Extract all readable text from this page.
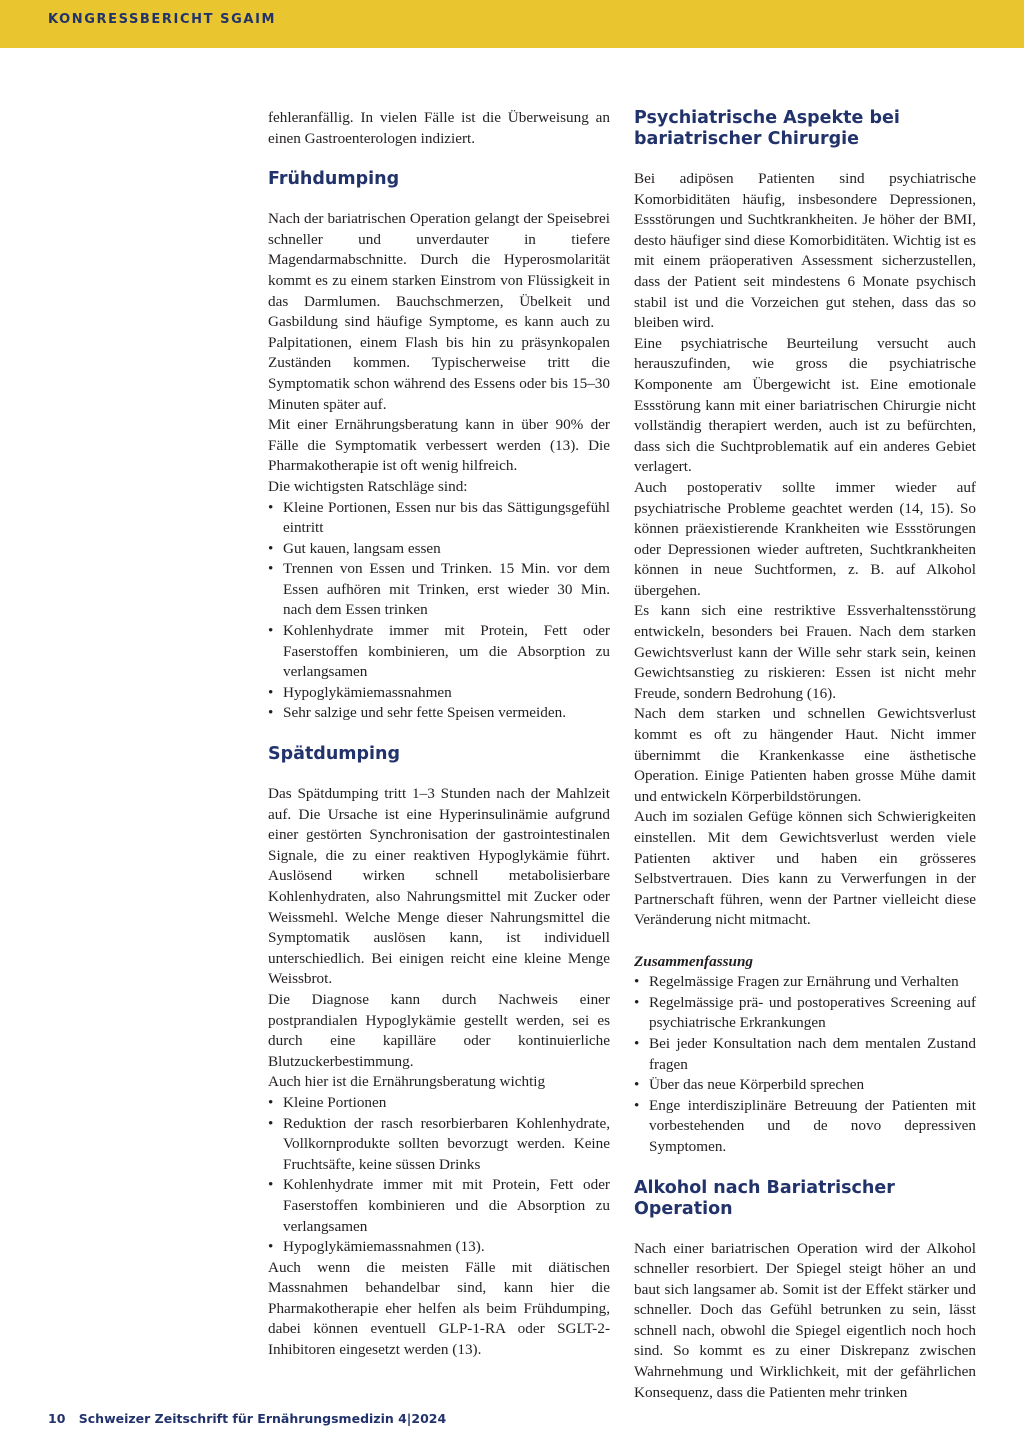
KONGRESSBERICHT SGAIM

fehleranfällig. In vielen Fälle ist die Überweisung an einen Gastroenterologen indiziert.

Frühdumping

Nach der bariatrischen Operation gelangt der Speisebrei schneller und unverdauter in tiefere Magendarmabschnitte. Durch die Hyperosmolarität kommt es zu einem starken Einstrom von Flüssigkeit in das Darmlumen. Bauchschmerzen, Übelkeit und Gasbildung sind häufige Symptome, es kann auch zu Palpitationen, einem Flash bis hin zu präsynkopalen Zuständen kommen. Typischerweise tritt die Symptomatik schon während des Essens oder bis 15–30 Minuten später auf.

Mit einer Ernährungsberatung kann in über 90% der Fälle die Symptomatik verbessert werden (13). Die Pharmakotherapie ist oft wenig hilfreich.

Die wichtigsten Ratschläge sind:

• Kleine Portionen, Essen nur bis das Sättigungsgefühl eintritt
• Gut kauen, langsam essen
• Trennen von Essen und Trinken. 15 Min. vor dem Essen aufhören mit Trinken, erst wieder 30 Min. nach dem Essen trinken
• Kohlenhydrate immer mit Protein, Fett oder Faserstoffen kombinieren, um die Absorption zu verlangsamen
• Hypoglykämiemassnahmen
• Sehr salzige und sehr fette Speisen vermeiden.
Spätdumping

Das Spätdumping tritt 1–3 Stunden nach der Mahlzeit auf. Die Ursache ist eine Hyperinsulinämie aufgrund einer gestörten Synchronisation der gastrointestinalen Signale, die zu einer reaktiven Hypoglykämie führt. Auslösend wirken schnell metabolisierbare Kohlenhydraten, also Nahrungsmittel mit Zucker oder Weissmehl. Welche Menge dieser Nahrungsmittel die Symptomatik auslösen kann, ist individuell unterschiedlich. Bei einigen reicht eine kleine Menge Weissbrot.

Die Diagnose kann durch Nachweis einer postprandialen Hypoglykämie gestellt werden, sei es durch eine kapilläre oder kontinuierliche Blutzuckerbestimmung.

Auch hier ist die Ernährungsberatung wichtig

• Kleine Portionen
• Reduktion der rasch resorbierbaren Kohlenhydrate, Vollkornprodukte sollten bevorzugt werden. Keine Fruchtsäfte, keine süssen Drinks
• Kohlenhydrate immer mit mit Protein, Fett oder Faserstoffen kombinieren und die Absorption zu verlangsamen
• Hypoglykämiemassnahmen (13).

Auch wenn die meisten Fälle mit diätischen Massnahmen behandelbar sind, kann hier die Pharmakotherapie eher helfen als beim Frühdumping, dabei können eventuell GLP-1-RA oder SGLT-2-Inhibitoren eingesetzt werden (13).

Psychiatrische Aspekte bei bariatrischer Chirurgie

Bei adipösen Patienten sind psychiatrische Komorbiditäten häufig, insbesondere Depressionen, Essstörungen und Suchtkrankheiten. Je höher der BMI, desto häufiger sind diese Komorbiditäten. Wichtig ist es mit einem präoperativen Assessment sicherzustellen, dass der Patient seit mindestens 6 Monate psychisch stabil ist und die Vorzeichen gut stehen, dass das so bleiben wird.

Eine psychiatrische Beurteilung versucht auch herauszufinden, wie gross die psychiatrische Komponente am Übergewicht ist. Eine emotionale Essstörung kann mit einer bariatrischen Chirurgie nicht vollständig therapiert werden, auch ist zu befürchten, dass sich die Suchtproblematik auf ein anderes Gebiet verlagert.

Auch postoperativ sollte immer wieder auf psychiatrische Probleme geachtet werden (14, 15). So können präexistierende Krankheiten wie Essstörungen oder Depressionen wieder auftreten, Suchtkrankheiten können in neue Suchtformen, z. B. auf Alkohol übergehen.

Es kann sich eine restriktive Essverhaltensstörung entwickeln, besonders bei Frauen. Nach dem starken Gewichtsverlust kann der Wille sehr stark sein, keinen Gewichtsanstieg zu riskieren: Essen ist nicht mehr Freude, sondern Bedrohung (16).

Nach dem starken und schnellen Gewichtsverlust kommt es oft zu hängender Haut. Nicht immer übernimmt die Krankenkasse eine ästhetische Operation. Einige Patienten haben grosse Mühe damit und entwickeln Körperbildstörungen.

Auch im sozialen Gefüge können sich Schwierigkeiten einstellen. Mit dem Gewichtsverlust werden viele Patienten aktiver und haben ein grösseres Selbstvertrauen. Dies kann zu Verwerfungen in der Partnerschaft führen, wenn der Partner vielleicht diese Veränderung nicht mitmacht.

Zusammenfassung

• Regelmässige Fragen zur Ernährung und Verhalten
• Regelmässige prä- und postoperatives Screening auf psychiatrische Erkrankungen
• Bei jeder Konsultation nach dem mentalen Zustand fragen
• Über das neue Körperbild sprechen
• Enge interdisziplinäre Betreuung der Patienten mit vorbestehenden und de novo depressiven Symptomen.
Alkohol nach Bariatrischer Operation

Nach einer bariatrischen Operation wird der Alkohol schneller resorbiert. Der Spiegel steigt höher an und baut sich langsamer ab. Somit ist der Effekt stärker und schneller. Doch das Gefühl betrunken zu sein, lässt schnell nach, obwohl die Spiegel eigentlich noch hoch sind. So kommt es zu einer Diskrepanz zwischen Wahrnehmung und Wirklichkeit, mit der gefährlichen Konsequenz, dass die Patienten mehr trinken

10 Schweizer Zeitschrift für Ernährungsmedizin 4|2024
